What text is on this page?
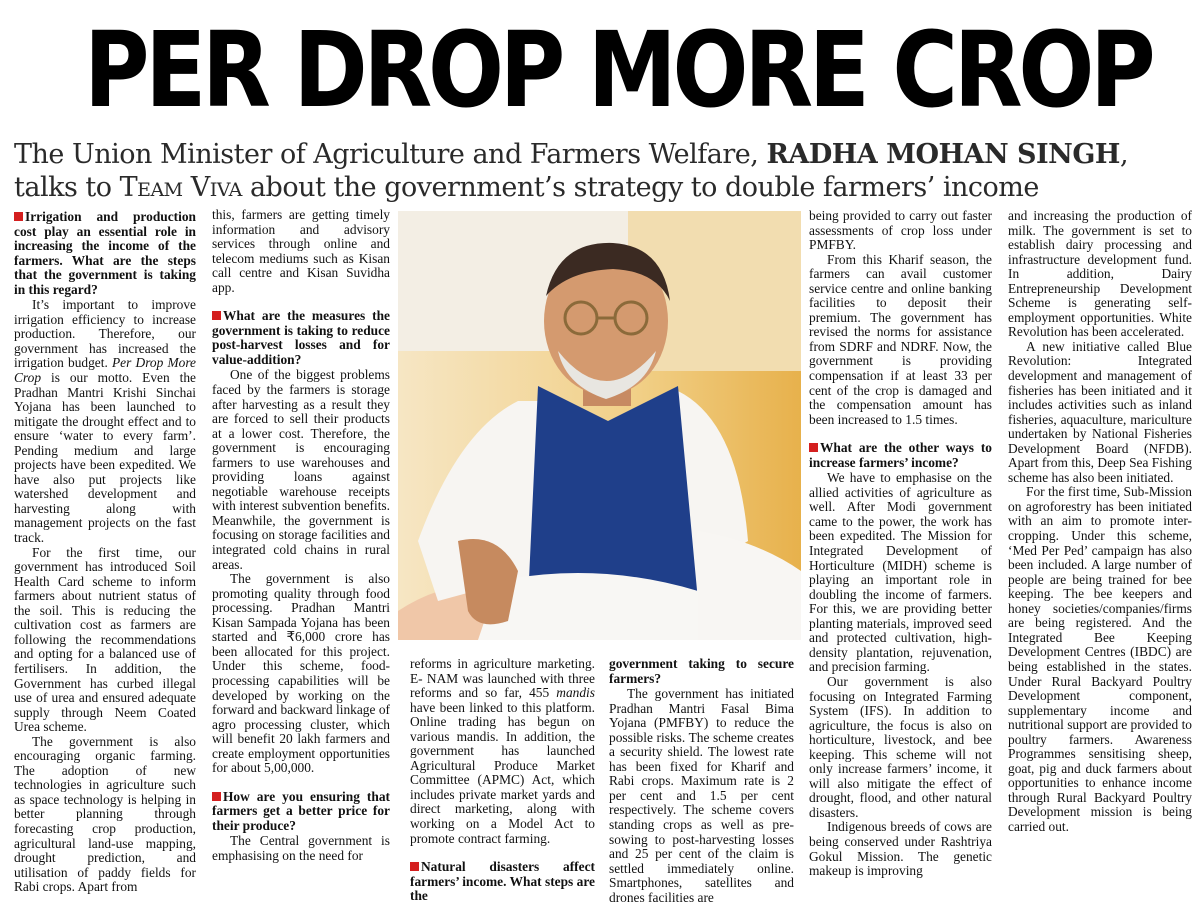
PER DROP MORE CROP
The Union Minister of Agriculture and Farmers Welfare, RADHA MOHAN SINGH, talks to Team Viva about the government’s strategy to double farmers’ income
Irrigation and production cost play an essential role in increasing the income of the farmers. What are the steps that the government is taking in this regard?

It’s important to improve irrigation efficiency to increase production. Therefore, our government has increased the irrigation budget. Per Drop More Crop is our motto. Even the Pradhan Mantri Krishi Sinchai Yojana has been launched to mitigate the drought effect and to ensure ‘water to every farm’. Pending medium and large projects have been expedited. We have also put projects like watershed development and harvesting along with management projects on the fast track.

For the first time, our government has introduced Soil Health Card scheme to inform farmers about nutrient status of the soil. This is reducing the cultivation cost as farmers are following the recommendations and opting for a balanced use of fertilisers. In addition, the Government has curbed illegal use of urea and ensured adequate supply through Neem Coated Urea scheme.

The government is also encouraging organic farming. The adoption of new technologies in agriculture such as space technology is helping in better planning through forecasting crop production, agricultural land-use mapping, drought prediction, and utilisation of paddy fields for Rabi crops. Apart from

this, farmers are getting timely information and advisory services through online and telecom mediums such as Kisan call centre and Kisan Suvidha app.

What are the measures the government is taking to reduce post-harvest losses and for value-addition?

One of the biggest problems faced by the farmers is storage after harvesting as a result they are forced to sell their products at a lower cost. Therefore, the government is encouraging farmers to use warehouses and providing loans against negotiable warehouse receipts with interest subvention benefits. Meanwhile, the government is focusing on storage facilities and integrated cold chains in rural areas.

The government is also promoting quality through food processing. Pradhan Mantri Kisan Sampada Yojana has been started and ₹6,000 crore has been allocated for this project. Under this scheme, food-processing capabilities will be developed by working on the forward and backward linkage of agro processing cluster, which will benefit 20 lakh farmers and create employment opportunities for about 5,00,000.

How are you ensuring that farmers get a better price for their produce?

The Central government is emphasising on the need for

reforms in agriculture marketing. E- NAM was launched with three reforms and so far, 455 mandis have been linked to this platform. Online trading has begun on various mandis. In addition, the government has launched Agricultural Produce Market Committee (APMC) Act, which includes private market yards and direct marketing, along with working on a Model Act to promote contract farming.

Natural disasters affect farmers’ income. What steps are the
government taking to secure farmers?

The government has initiated Pradhan Mantri Fasal Bima Yojana (PMFBY) to reduce the possible risks. The scheme creates a security shield. The lowest rate has been fixed for Kharif and Rabi crops. Maximum rate is 2 per cent and 1.5 per cent respectively. The scheme covers standing crops as well as pre-sowing to post-harvesting losses and 25 per cent of the claim is settled immediately online. Smartphones, satellites and drones facilities are

being provided to carry out faster assessments of crop loss under PMFBY.

From this Kharif season, the farmers can avail customer service centre and online banking facilities to deposit their premium. The government has revised the norms for assistance from SDRF and NDRF. Now, the government is providing compensation if at least 33 per cent of the crop is damaged and the compensation amount has been increased to 1.5 times.

What are the other ways to increase farmers’ income?

We have to emphasise on the allied activities of agriculture as well. After Modi government came to the power, the work has been expedited. The Mission for Integrated Development of Horticulture (MIDH) scheme is playing an important role in doubling the income of farmers. For this, we are providing better planting materials, improved seed and protected cultivation, high-density plantation, rejuvenation, and precision farming.

Our government is also focusing on Integrated Farming System (IFS). In addition to agriculture, the focus is also on horticulture, livestock, and bee keeping. This scheme will not only increase farmers’ income, it will also mitigate the effect of drought, flood, and other natural disasters.

Indigenous breeds of cows are being conserved under Rashtriya Gokul Mission. The genetic makeup is improving

and increasing the production of milk. The government is set to establish dairy processing and infrastructure development fund. In addition, Dairy Entrepreneurship Development Scheme is generating self-employment opportunities. White Revolution has been accelerated.

A new initiative called Blue Revolution: Integrated development and management of fisheries has been initiated and it includes activities such as inland fisheries, aquaculture, mariculture undertaken by National Fisheries Development Board (NFDB). Apart from this, Deep Sea Fishing scheme has also been initiated.

For the first time, Sub-Mission on agroforestry has been initiated with an aim to promote inter-cropping. Under this scheme, ‘Med Per Ped’ campaign has also been included. A large number of people are being trained for bee keeping. The bee keepers and honey societies/companies/firms are being registered. And the Integrated Bee Keeping Development Centres (IBDC) are being established in the states. Under Rural Backyard Poultry Development component, supplementary income and nutritional support are provided to poultry farmers. Awareness Programmes sensitising sheep, goat, pig and duck farmers about opportunities to enhance income through Rural Backyard Poultry Development mission is being carried out.
